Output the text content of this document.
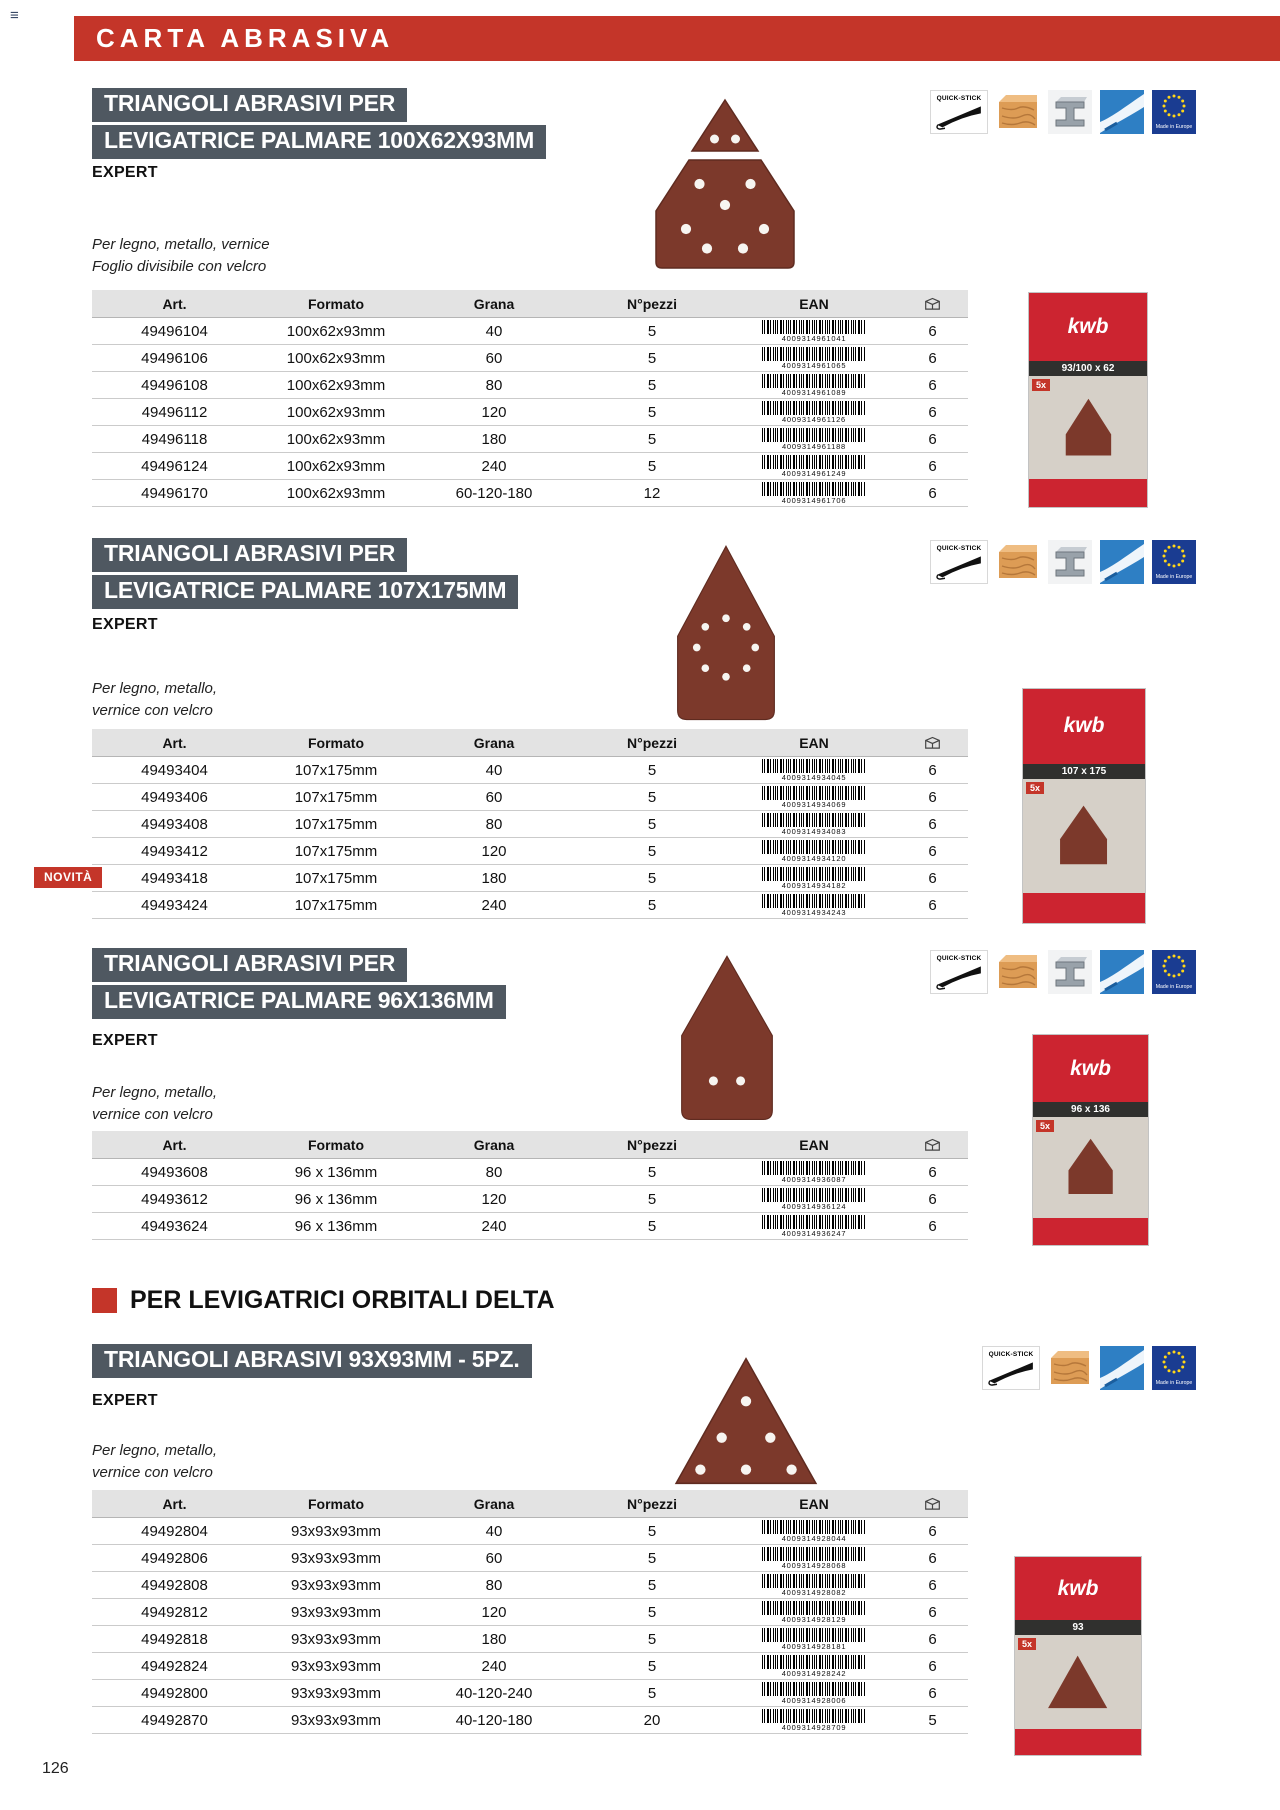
≡
CARTA ABRASIVA
TRIANGOLI ABRASIVI PER
LEVIGATRICE PALMARE 100X62X93MM
QUICK-STICK
Made in Europe
EXPERT
Per legno, metallo, vernice
Foglio divisibile con velcro
Art.	Formato	Grana	N°pezzi	EAN
49496104	100x62x93mm	40	5	4009314961041	6
49496106	100x62x93mm	60	5	4009314961065	6
49496108	100x62x93mm	80	5	4009314961089	6
49496112	100x62x93mm	120	5	4009314961126	6
49496118	100x62x93mm	180	5	4009314961188	6
49496124	100x62x93mm	240	5	4009314961249	6
49496170	100x62x93mm	60-120-180	12	4009314961706	6
kwb
93/100 x 62
5x
TRIANGOLI ABRASIVI PER
LEVIGATRICE PALMARE 107X175MM
QUICK-STICK
Made in Europe
EXPERT
Per legno, metallo,
vernice con velcro
Art.	Formato	Grana	N°pezzi	EAN
49493404	107x175mm	40	5	4009314934045	6
49493406	107x175mm	60	5	4009314934069	6
49493408	107x175mm	80	5	4009314934083	6
49493412	107x175mm	120	5	4009314934120	6
49493418	107x175mm	180	5	4009314934182	6
49493424	107x175mm	240	5	4009314934243	6
NOVITÀ
kwb
107 x 175
5x
TRIANGOLI ABRASIVI PER
LEVIGATRICE PALMARE 96X136MM
QUICK-STICK
Made in Europe
EXPERT
Per legno, metallo,
vernice con velcro
Art.	Formato	Grana	N°pezzi	EAN
49493608	96 x 136mm	80	5	4009314936087	6
49493612	96 x 136mm	120	5	4009314936124	6
49493624	96 x 136mm	240	5	4009314936247	6
kwb
96 x 136
5x
PER LEVIGATRICI ORBITALI DELTA
TRIANGOLI ABRASIVI 93X93MM - 5PZ.	QUICK-STICK
Made in Europe
EXPERT
Per legno, metallo,
vernice con velcro
Art.	Formato	Grana	N°pezzi	EAN
49492804	93x93x93mm	40	5	4009314928044	6
49492806	93x93x93mm	60	5	4009314928068	6
49492808	93x93x93mm	80	5	4009314928082	6
49492812	93x93x93mm	120	5	4009314928129	6
49492818	93x93x93mm	180	5	4009314928181	6
49492824	93x93x93mm	240	5	4009314928242	6
49492800	93x93x93mm	40-120-240	5	4009314928006	6
49492870	93x93x93mm	40-120-180	20	4009314928709	5
kwb
93
5x
126
